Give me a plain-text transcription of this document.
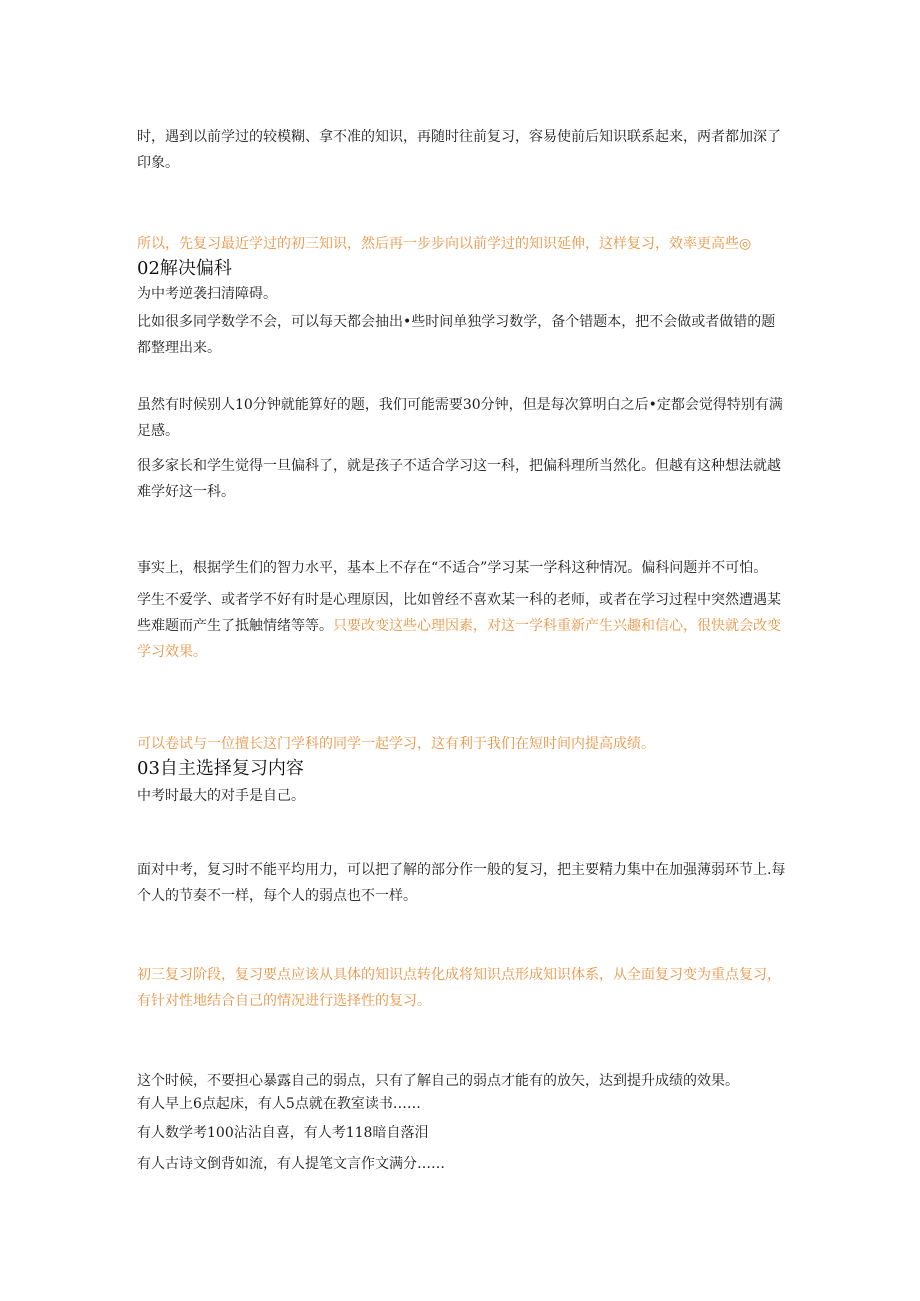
时，遇到以前学过的较模糊、拿不准的知识，再随时往前复习，容易使前后知识联系起来，两者都加深了印象。

所以，先复习最近学过的初三知识，然后再一步步向以前学过的知识延伸，这样复习，效率更高些◎

02解决偏科

为中考逆袭扫清障碍。

比如很多同学数学不会，可以每天都会抽出•些时间单独学习数学，备个错题本，把不会做或者做错的题都整理出来。

虽然有时候别人10分钟就能算好的题，我们可能需要30分钟，但是每次算明白之后•定都会觉得特别有满足感。

很多家长和学生觉得一旦偏科了，就是孩子不适合学习这一科，把偏科理所当然化。但越有这种想法就越难学好这一科。

事实上，根据学生们的智力水平，基本上不存在“不适合”学习某一学科这种情况。偏科问题并不可怕。

学生不爱学、或者学不好有时是心理原因，比如曾经不喜欢某一科的老师，或者在学习过程中突然遭遇某些难题而产生了抵触情绪等等。只要改变这些心理因素，对这一学科重新产生兴趣和信心，很快就会改变学习效果。

可以卷试与一位擅长这门学科的同学一起学习，这有利于我们在短时间内提高成绩。

03自主选择复习内容

中考时最大的对手是自己。

面对中考，复习时不能平均用力，可以把了解的部分作一般的复习，把主要精力集中在加强薄弱环节上.每个人的节奏不一样，每个人的弱点也不一样。

初三复习阶段，复习要点应该从具体的知识点转化成将知识点形成知识体系，从全面复习变为重点复习，有针对性地结合自己的情况进行选择性的复习。

这个时候，不要担心暴露自己的弱点，只有了解自己的弱点才能有的放矢，达到提升成绩的效果。

有人早上6点起床，有人5点就在教室读书……

有人数学考100沾沾自喜，有人考118暗自落泪

有人古诗文倒背如流，有人提笔文言作文满分……
